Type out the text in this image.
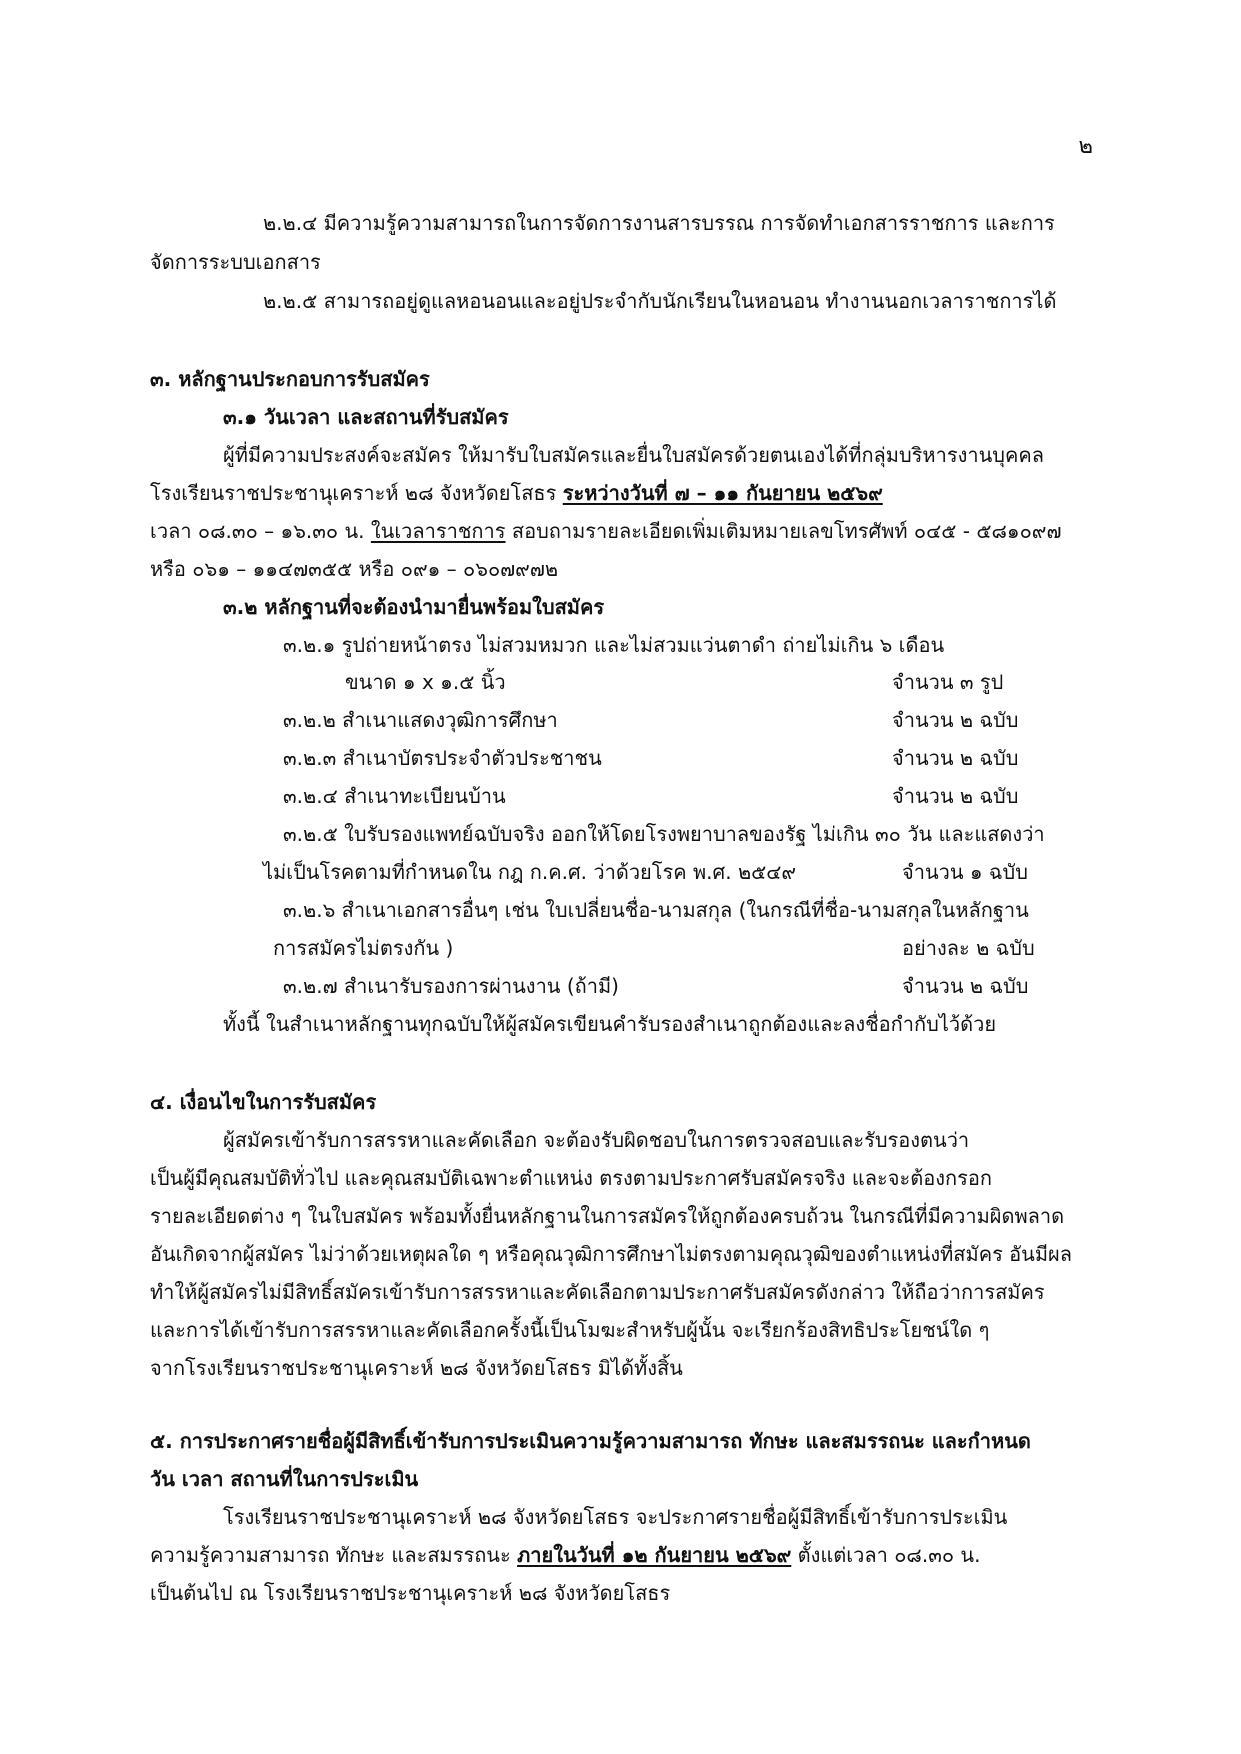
๒
๒.๒.๔ มีความรู้ความสามารถในการจัดการงานสารบรรณ การจัดทำเอกสารราชการ และการ
จัดการระบบเอกสาร
๒.๒.๕ สามารถอยู่ดูแลหอนอนและอยู่ประจำกับนักเรียนในหอนอน ทำงานนอกเวลาราชการได้
๓. หลักฐานประกอบการรับสมัคร
๓.๑ วันเวลา และสถานที่รับสมัคร
ผู้ที่มีความประสงค์จะสมัคร ให้มารับใบสมัครและยื่นใบสมัครด้วยตนเองได้ที่กลุ่มบริหารงานบุคคล
โรงเรียนราชประชานุเคราะห์ ๒๘ จังหวัดยโสธร ระหว่างวันที่ ๗ – ๑๑ กันยายน ๒๕๖๙
เวลา ๐๘.๓๐ – ๑๖.๓๐ น. ในเวลาราชการ สอบถามรายละเอียดเพิ่มเติมหมายเลขโทรศัพท์ ๐๔๕ - ๕๘๑๐๙๗
หรือ ๐๖๑ – ๑๑๔๗๓๕๕ หรือ ๐๙๑ – ๐๖๐๗๙๗๒
๓.๒ หลักฐานที่จะต้องนำมายื่นพร้อมใบสมัคร
๓.๒.๑ รูปถ่ายหน้าตรง ไม่สวมหมวก และไม่สวมแว่นตาดำ ถ่ายไม่เกิน ๖ เดือน
ขนาด ๑ x ๑.๕ นิ้ว	จำนวน ๓ รูป
๓.๒.๒ สำเนาแสดงวุฒิการศึกษา	จำนวน ๒ ฉบับ
๓.๒.๓ สำเนาบัตรประจำตัวประชาชน	จำนวน ๒ ฉบับ
๓.๒.๔ สำเนาทะเบียนบ้าน	จำนวน ๒ ฉบับ
๓.๒.๕ ใบรับรองแพทย์ฉบับจริง ออกให้โดยโรงพยาบาลของรัฐ ไม่เกิน ๓๐ วัน และแสดงว่า
ไม่เป็นโรคตามที่กำหนดใน กฎ ก.ค.ศ. ว่าด้วยโรค พ.ศ. ๒๕๔๙	จำนวน ๑ ฉบับ
๓.๒.๖ สำเนาเอกสารอื่นๆ เช่น ใบเปลี่ยนชื่อ-นามสกุล (ในกรณีที่ชื่อ-นามสกุลในหลักฐาน
การสมัครไม่ตรงกัน )	อย่างละ ๒ ฉบับ
๓.๒.๗ สำเนารับรองการผ่านงาน (ถ้ามี)	จำนวน ๒ ฉบับ
ทั้งนี้ ในสำเนาหลักฐานทุกฉบับให้ผู้สมัครเขียนคำรับรองสำเนาถูกต้องและลงชื่อกำกับไว้ด้วย
๔. เงื่อนไขในการรับสมัคร
ผู้สมัครเข้ารับการสรรหาและคัดเลือก จะต้องรับผิดชอบในการตรวจสอบและรับรองตนว่า
เป็นผู้มีคุณสมบัติทั่วไป และคุณสมบัติเฉพาะตำแหน่ง ตรงตามประกาศรับสมัครจริง และจะต้องกรอก
รายละเอียดต่าง ๆ ในใบสมัคร พร้อมทั้งยื่นหลักฐานในการสมัครให้ถูกต้องครบถ้วน ในกรณีที่มีความผิดพลาด
อันเกิดจากผู้สมัคร ไม่ว่าด้วยเหตุผลใด ๆ หรือคุณวุฒิการศึกษาไม่ตรงตามคุณวุฒิของตำแหน่งที่สมัคร อันมีผล
ทำให้ผู้สมัครไม่มีสิทธิ์สมัครเข้ารับการสรรหาและคัดเลือกตามประกาศรับสมัครดังกล่าว ให้ถือว่าการสมัคร
และการได้เข้ารับการสรรหาและคัดเลือกครั้งนี้เป็นโมฆะสำหรับผู้นั้น จะเรียกร้องสิทธิประโยชน์ใด ๆ
จากโรงเรียนราชประชานุเคราะห์ ๒๘ จังหวัดยโสธร มิได้ทั้งสิ้น
๕. การประกาศรายชื่อผู้มีสิทธิ์เข้ารับการประเมินความรู้ความสามารถ ทักษะ และสมรรถนะ และกำหนด
วัน เวลา สถานที่ในการประเมิน
โรงเรียนราชประชานุเคราะห์ ๒๘ จังหวัดยโสธร จะประกาศรายชื่อผู้มีสิทธิ์เข้ารับการประเมิน
ความรู้ความสามารถ ทักษะ และสมรรถนะ ภายในวันที่ ๑๒ กันยายน ๒๕๖๙ ตั้งแต่เวลา ๐๘.๓๐ น.
เป็นต้นไป ณ โรงเรียนราชประชานุเคราะห์ ๒๘ จังหวัดยโสธร
